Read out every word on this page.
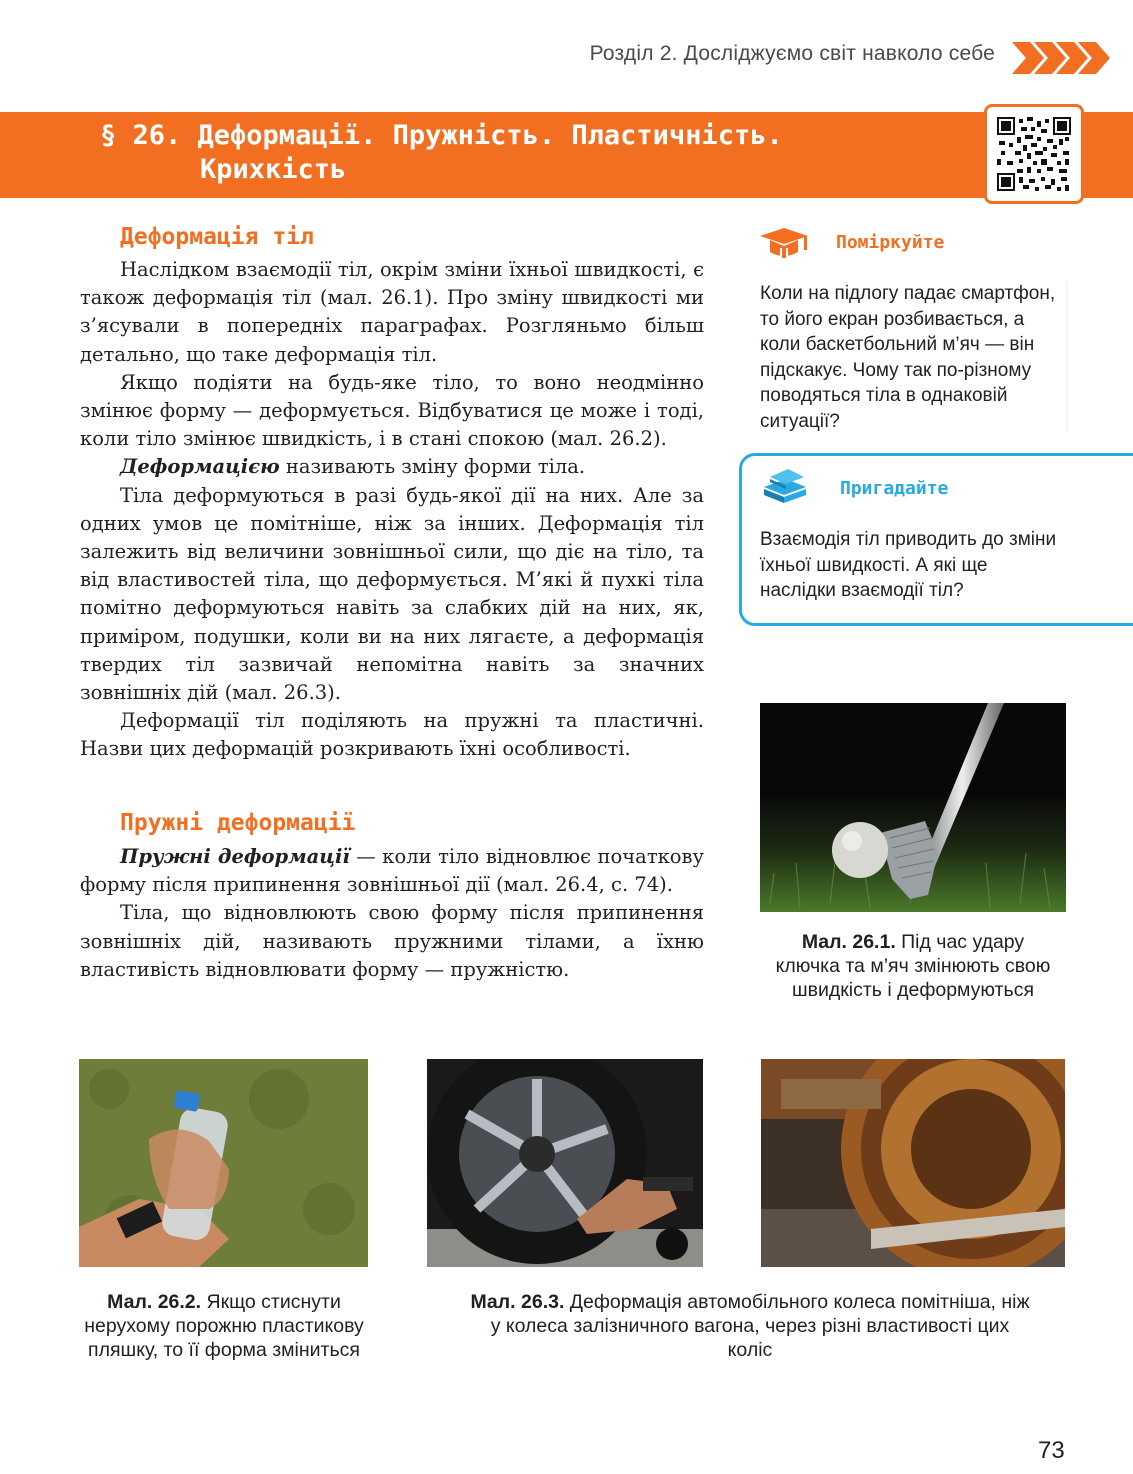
Розділ 2. Досліджуємо світ навколо себе
§ 26. Деформації. Пружність. Пластичність.
Крихкість
Деформація тіл

Наслідком взаємодії тіл, окрім зміни їхньої швидкості, є також деформація тіл (мал. 26.1). Про зміну швидкості ми з’ясували в попередніх параграфах. Розгляньмо більш детально, що таке деформація тіл.

Якщо подіяти на будь-яке тіло, то воно неодмінно змінює форму — деформується. Відбуватися це може і тоді, коли тіло змінює швидкість, і в стані спокою (мал. 26.2).

Деформацією називають зміну форми тіла.

Тіла деформуються в разі будь-якої дії на них. Але за одних умов це помітніше, ніж за інших. Деформація тіл залежить від величини зовнішньої сили, що діє на тіло, та від властивостей тіла, що деформується. М’які й пухкі тіла помітно деформуються навіть за слабких дій на них, як, приміром, подушки, коли ви на них лягаєте, а деформація твердих тіл зазвичай непомітна навіть за значних зовнішніх дій (мал. 26.3).

Деформації тіл поділяють на пружні та пластичні. Назви цих деформацій розкривають їхні особливості.

Пружні деформації

Пружні деформації — коли тіло відновлює початкову форму після припинення зовнішньої дії (мал. 26.4, с. 74).

Тіла, що відновлюють свою форму після припинення зовнішніх дій, називають пружними тілами, а їхню властивість відновлювати форму — пружністю.

Поміркуйте
Коли на підлогу падає смартфон, то його екран розбивається, а коли баскетбольний м’яч — він підскакує. Чому так по-різному поводяться тіла в однаковій ситуації?
Пригадайте
Взаємодія тіл приводить до зміни їхньої швидкості. А які ще наслідки взаємодії тіл?
Мал. 26.1. Під час удару ключка та м’яч змінюють свою швидкість і деформуються
Мал. 26.2. Якщо стиснути нерухому порожню пластикову пляшку, то її форма зміниться
Мал. 26.3. Деформація автомобільного колеса помітніша, ніж у колеса залізничного вагона, через різні властивості цих коліс
73
